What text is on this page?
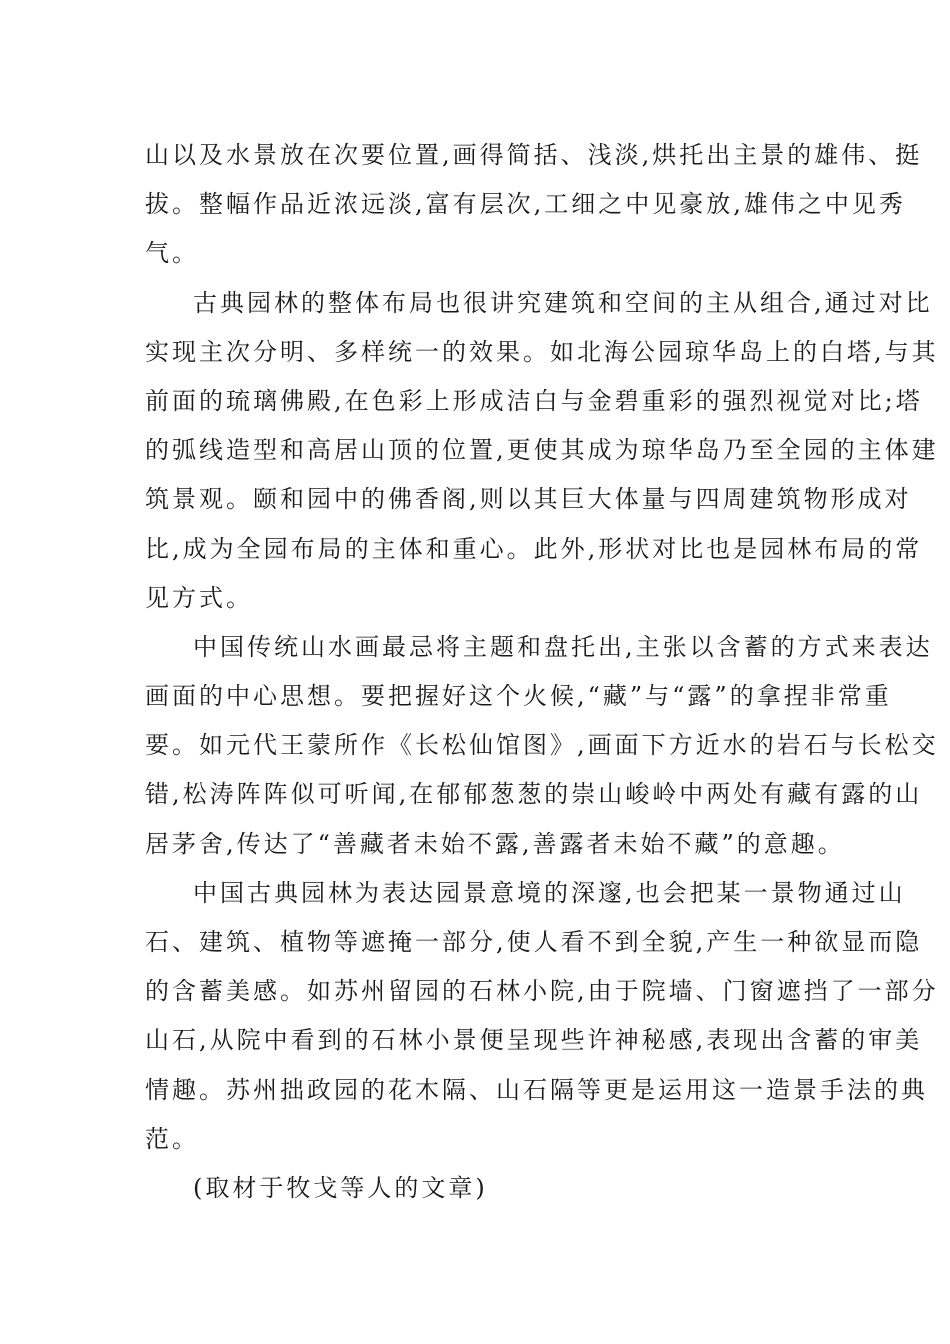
山以及水景放在次要位置,画得简括、浅淡,烘托出主景的雄伟、挺
拔。整幅作品近浓远淡,富有层次,工细之中见豪放,雄伟之中见秀
气。
古典园林的整体布局也很讲究建筑和空间的主从组合,通过对比
实现主次分明、多样统一的效果。如北海公园琼华岛上的白塔,与其
前面的琉璃佛殿,在色彩上形成洁白与金碧重彩的强烈视觉对比;塔
的弧线造型和高居山顶的位置,更使其成为琼华岛乃至全园的主体建
筑景观。颐和园中的佛香阁,则以其巨大体量与四周建筑物形成对
比,成为全园布局的主体和重心。此外,形状对比也是园林布局的常
见方式。
中国传统山水画最忌将主题和盘托出,主张以含蓄的方式来表达
画面的中心思想。要把握好这个火候,“藏”与“露”的拿捏非常重
要。如元代王蒙所作《长松仙馆图》,画面下方近水的岩石与长松交
错,松涛阵阵似可听闻,在郁郁葱葱的崇山峻岭中两处有藏有露的山
居茅舍,传达了“善藏者未始不露,善露者未始不藏”的意趣。
中国古典园林为表达园景意境的深邃,也会把某一景物通过山
石、建筑、植物等遮掩一部分,使人看不到全貌,产生一种欲显而隐
的含蓄美感。如苏州留园的石林小院,由于院墙、门窗遮挡了一部分
山石,从院中看到的石林小景便呈现些许神秘感,表现出含蓄的审美
情趣。苏州拙政园的花木隔、山石隔等更是运用这一造景手法的典
范。
(取材于牧戈等人的文章)
